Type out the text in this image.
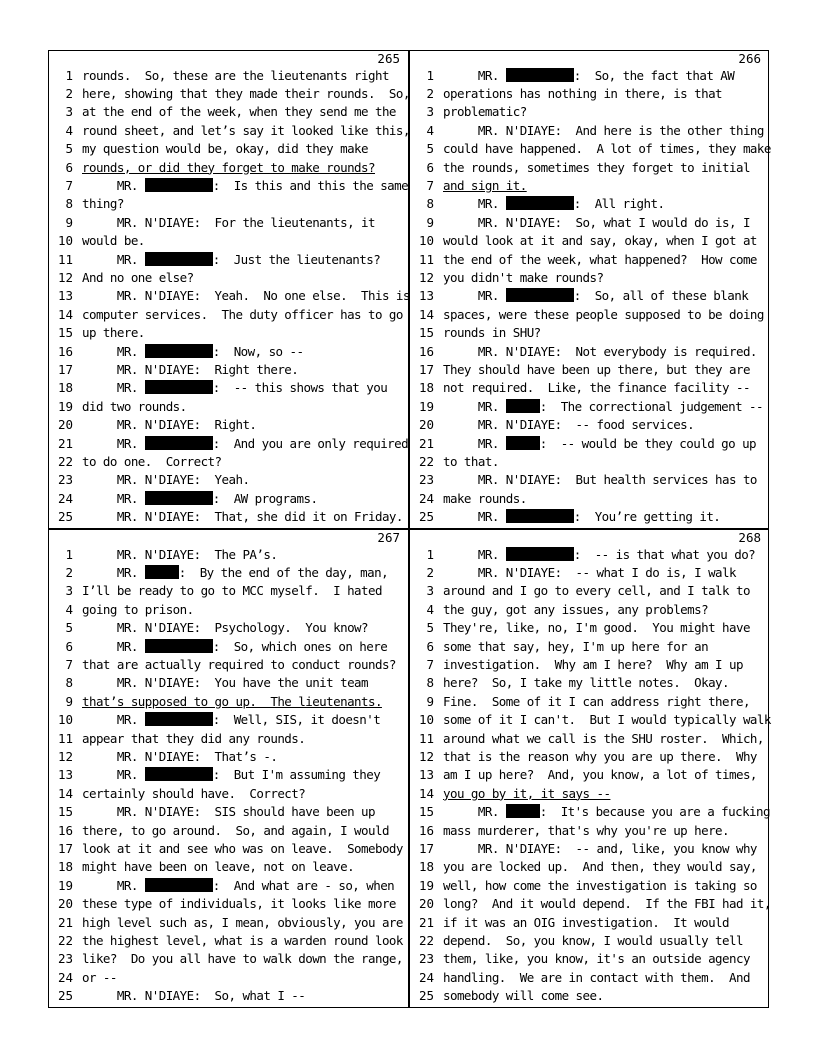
265
1 rounds.  So, these are the lieutenants right
2 here, showing that they made their rounds.  So,
3 at the end of the week, when they send me the
4 round sheet, and let’s say it looked like this,
5 my question would be, okay, did they make
6 rounds, or did they forget to make rounds?
7 MR.	:  Is this and this the same
8 thing?
9 MR. N'DIAYE:  For the lieutenants, it
10 would be.
11 MR.	:  Just the lieutenants?
12 And no one else?
13 MR. N'DIAYE:  Yeah.  No one else.  This is
14 computer services.  The duty officer has to go
15 up there.
16 MR.	:  Now, so --
17 MR. N'DIAYE:  Right there.
18 MR.	:  -- this shows that you
19 did two rounds.
20 MR. N'DIAYE:  Right.
21 MR.	:  And you are only required
22 to do one.  Correct?
23 MR. N'DIAYE:  Yeah.
24 MR.	:  AW programs.
25 MR. N'DIAYE:  That, she did it on Friday.
266
1 MR.	:  So, the fact that AW
2 operations has nothing in there, is that
3 problematic?
4 MR. N'DIAYE:  And here is the other thing
5 could have happened.  A lot of times, they make
6 the rounds, sometimes they forget to initial
7 and sign it.
8 MR.	:  All right.
9 MR. N'DIAYE:  So, what I would do is, I
10 would look at it and say, okay, when I got at
11 the end of the week, what happened?  How come
12 you didn't make rounds?
13 MR.	:  So, all of these blank
14 spaces, were these people supposed to be doing
15 rounds in SHU?
16 MR. N'DIAYE:  Not everybody is required.
17 They should have been up there, but they are
18 not required.  Like, the finance facility --
19 MR.	:  The correctional judgement --
20 MR. N'DIAYE:  -- food services.
21 MR.	:  -- would be they could go up
22 to that.
23 MR. N'DIAYE:  But health services has to
24 make rounds.
25 MR.	:  You’re getting it.
267
1 MR. N'DIAYE:  The PA’s.
2 MR.	:  By the end of the day, man,
3 I’ll be ready to go to MCC myself.  I hated
4 going to prison.
5 MR. N'DIAYE:  Psychology.  You know?
6 MR.	:  So, which ones on here
7 that are actually required to conduct rounds?
8 MR. N'DIAYE:  You have the unit team
9 that’s supposed to go up.  The lieutenants.
10 MR.	:  Well, SIS, it doesn't
11 appear that they did any rounds.
12 MR. N'DIAYE:  That’s -.
13 MR.	:  But I'm assuming they
14 certainly should have.  Correct?
15 MR. N'DIAYE:  SIS should have been up
16 there, to go around.  So, and again, I would
17 look at it and see who was on leave.  Somebody
18 might have been on leave, not on leave.
19 MR.	:  And what are - so, when
20 these type of individuals, it looks like more
21 high level such as, I mean, obviously, you are
22 the highest level, what is a warden round look
23 like?  Do you all have to walk down the range,
24 or --
25 MR. N'DIAYE:  So, what I --
268
1 MR.	:  -- is that what you do?
2 MR. N'DIAYE:  -- what I do is, I walk
3 around and I go to every cell, and I talk to
4 the guy, got any issues, any problems?
5 They're, like, no, I'm good.  You might have
6 some that say, hey, I'm up here for an
7 investigation.  Why am I here?  Why am I up
8 here?  So, I take my little notes.  Okay.
9 Fine.  Some of it I can address right there,
10 some of it I can't.  But I would typically walk
11 around what we call is the SHU roster.  Which,
12 that is the reason why you are up there.  Why
13 am I up here?  And, you know, a lot of times,
14 you go by it, it says --
15 MR.	:  It's because you are a fucking
16 mass murderer, that's why you're up here.
17 MR. N'DIAYE:  -- and, like, you know why
18 you are locked up.  And then, they would say,
19 well, how come the investigation is taking so
20 long?  And it would depend.  If the FBI had it,
21 if it was an OIG investigation.  It would
22 depend.  So, you know, I would usually tell
23 them, like, you know, it's an outside agency
24 handling.  We are in contact with them.  And
25 somebody will come see.
